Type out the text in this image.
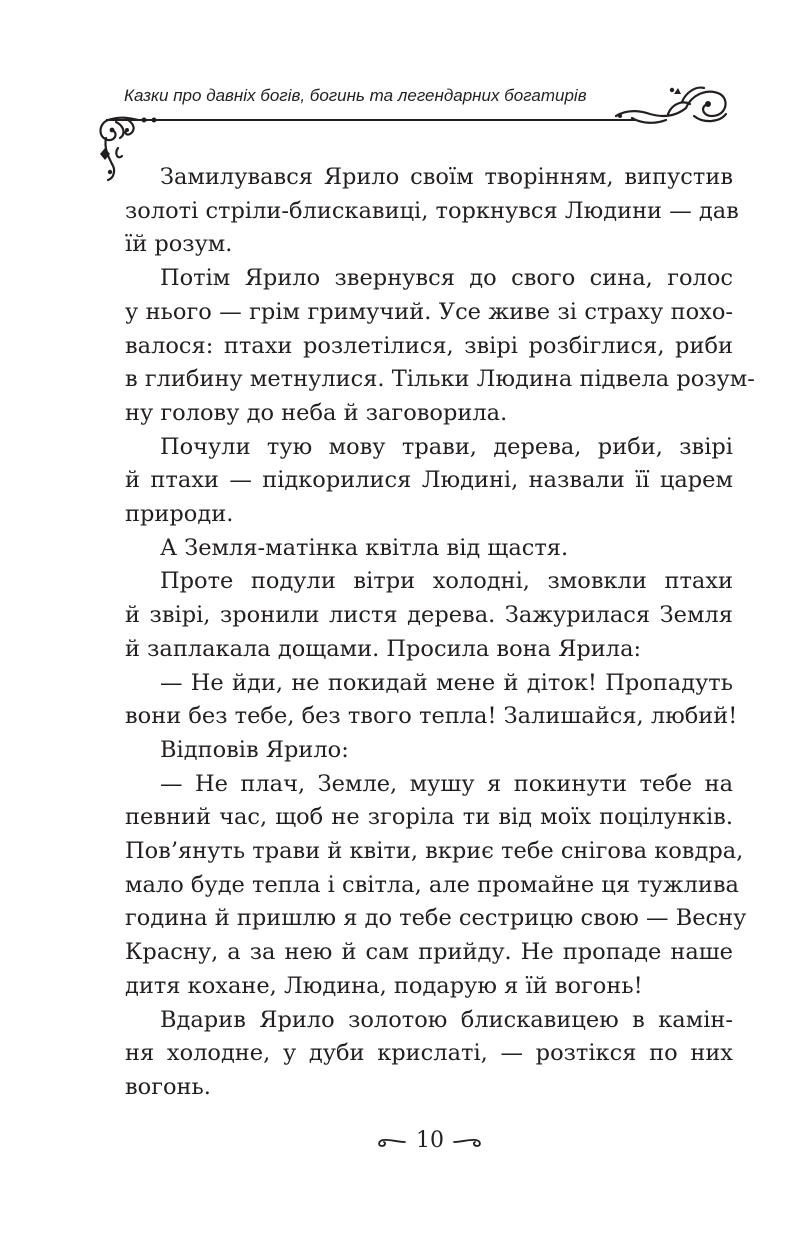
Казки про давніх богів, богинь та легендарних богатирів
Замилувався Ярило своїм творінням, випустив
золоті стріли-блискавиці, торкнувся Людини — дав
їй розум.
Потім Ярило звернувся до свого сина, голос
у нього — грім гримучий. Усе живе зі страху похо-
валося: птахи розлетілися, звірі розбіглися, риби
в глибину метнулися. Тільки Людина підвела розум-
ну голову до неба й заговорила.
Почули тую мову трави, дерева, риби, звірі
й птахи — підкорилися Людині, назвали її царем
природи.
А Земля-матінка квітла від щастя.
Проте подули вітри холодні, змовкли птахи
й звірі, зронили листя дерева. Зажурилася Земля
й заплакала дощами. Просила вона Ярила:
— Не йди, не покидай мене й діток! Пропадуть
вони без тебе, без твого тепла! Залишайся, любий!
Відповів Ярило:
— Не плач, Земле, мушу я покинути тебе на
певний час, щоб не згоріла ти від моїх поцілунків.
Пов’януть трави й квіти, вкриє тебе снігова ковдра,
мало буде тепла і світла, але промайне ця тужлива
година й пришлю я до тебе сестрицю свою — Весну
Красну, а за нею й сам прийду. Не пропаде наше
дитя кохане, Людина, подарую я їй вогонь!
Вдарив Ярило золотою блискавицею в камін-
ня холодне, у дуби крислаті, — розтікся по них
вогонь.
10
